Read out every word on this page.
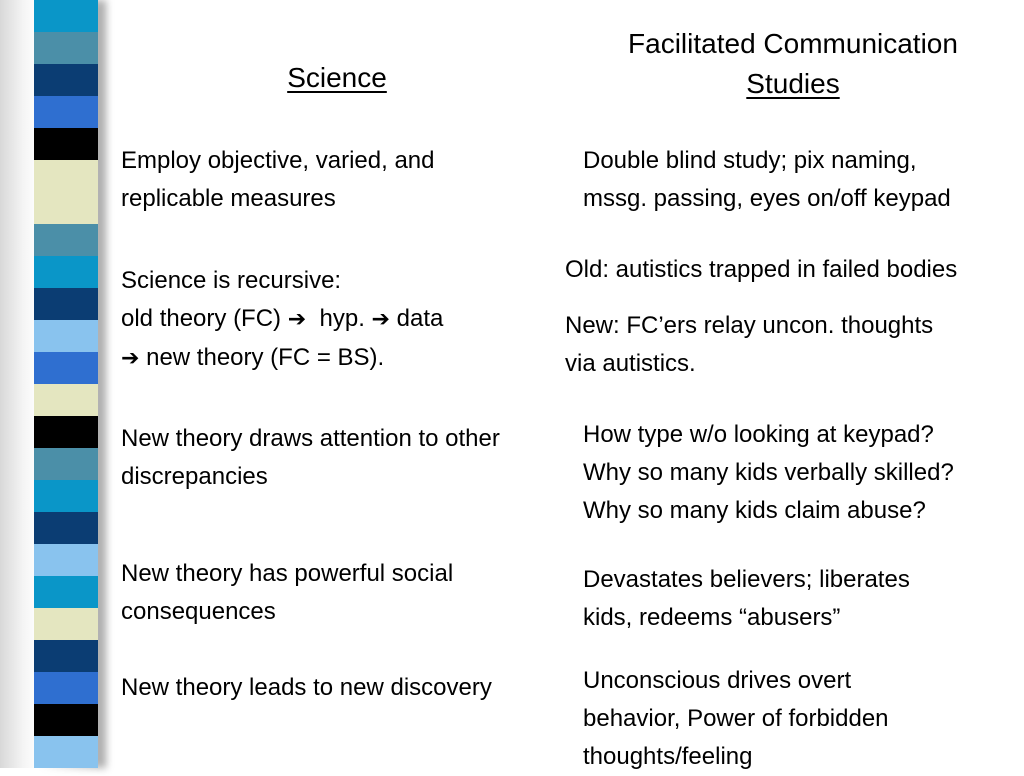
Science
Facilitated Communication
Studies
Employ objective, varied, and
replicable measures
Science is recursive:
old theory (FC) ➔ hyp. ➔ data
➔ new theory (FC = BS).
New theory draws attention to other
discrepancies
New theory has powerful social
consequences
New theory leads to new discovery
Double blind study; pix naming,
mssg. passing, eyes on/off keypad
Old: autistics trapped in failed bodies
New: FC’ers relay uncon. thoughts
via autistics.
How type w/o looking at keypad?
Why so many kids verbally skilled?
Why so many kids claim abuse?
Devastates believers; liberates
kids, redeems “abusers”
Unconscious drives overt
behavior, Power of forbidden
thoughts/feeling
